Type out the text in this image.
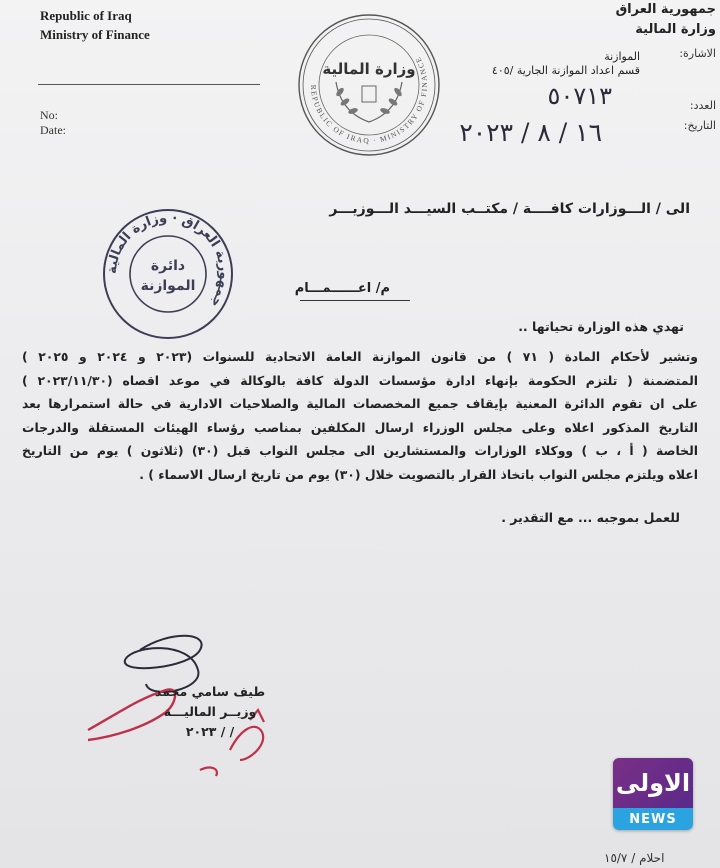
Republic of Iraq
Ministry of Finance
No:
Date:
جمهورية العراق
وزارة المالية
الاشارة:
العدد:
التاريخ:
الموازنة
قسم اعداد الموازنة الجارية /٤٠٥
٥٠٧١٣
١٦ / ٨ / ٢٠٢٣
REPUBLIC OF IRAQ · MINISTRY OF FINANCE
وزارة المالية
جمهورية العراق · وزارة المالية
دائرة
الموازنة
الى / الـــوزارات كافــــة / مكتــب السيـــد الـــوزيـــر
م/ اعــــــمـــام
تهدي هذه الوزارة تحياتها ..
وتشير لأحكام المادة ( ٧١ ) من قانون الموازنة العامة الاتحادية للسنوات (٢٠٢٣ و ٢٠٢٤ و ٢٠٢٥ )
المتضمنة ( تلتزم الحكومة بإنهاء ادارة مؤسسات الدولة كافة بالوكالة في موعد اقصاه (٢٠٢٣/١١/٣٠ )
على ان تقوم الدائرة المعنية بإيقاف جميع المخصصات المالية والصلاحيات الادارية في حالة استمرارها بعد
التاريخ المذكور اعلاه وعلى مجلس الوزراء ارسال المكلفين بمناصب رؤساء الهيئات المستقلة والدرجات
الخاصة ( أ ، ب ) ووكلاء الوزارات والمستشارين الى مجلس النواب قبل (٣٠) (ثلاثون ) يوم من التاريخ
اعلاه ويلتزم مجلس النواب باتخاذ القرار بالتصويت خلال (٣٠) يوم من تاريخ ارسال الاسماء ) .
للعمل بموجبه ... مع التقدير .
طيف سامي محمد
وزيــر الماليـــة
/ / ٢٠٢٣
احلام / ١٥/٧
الاولى
NEWS
